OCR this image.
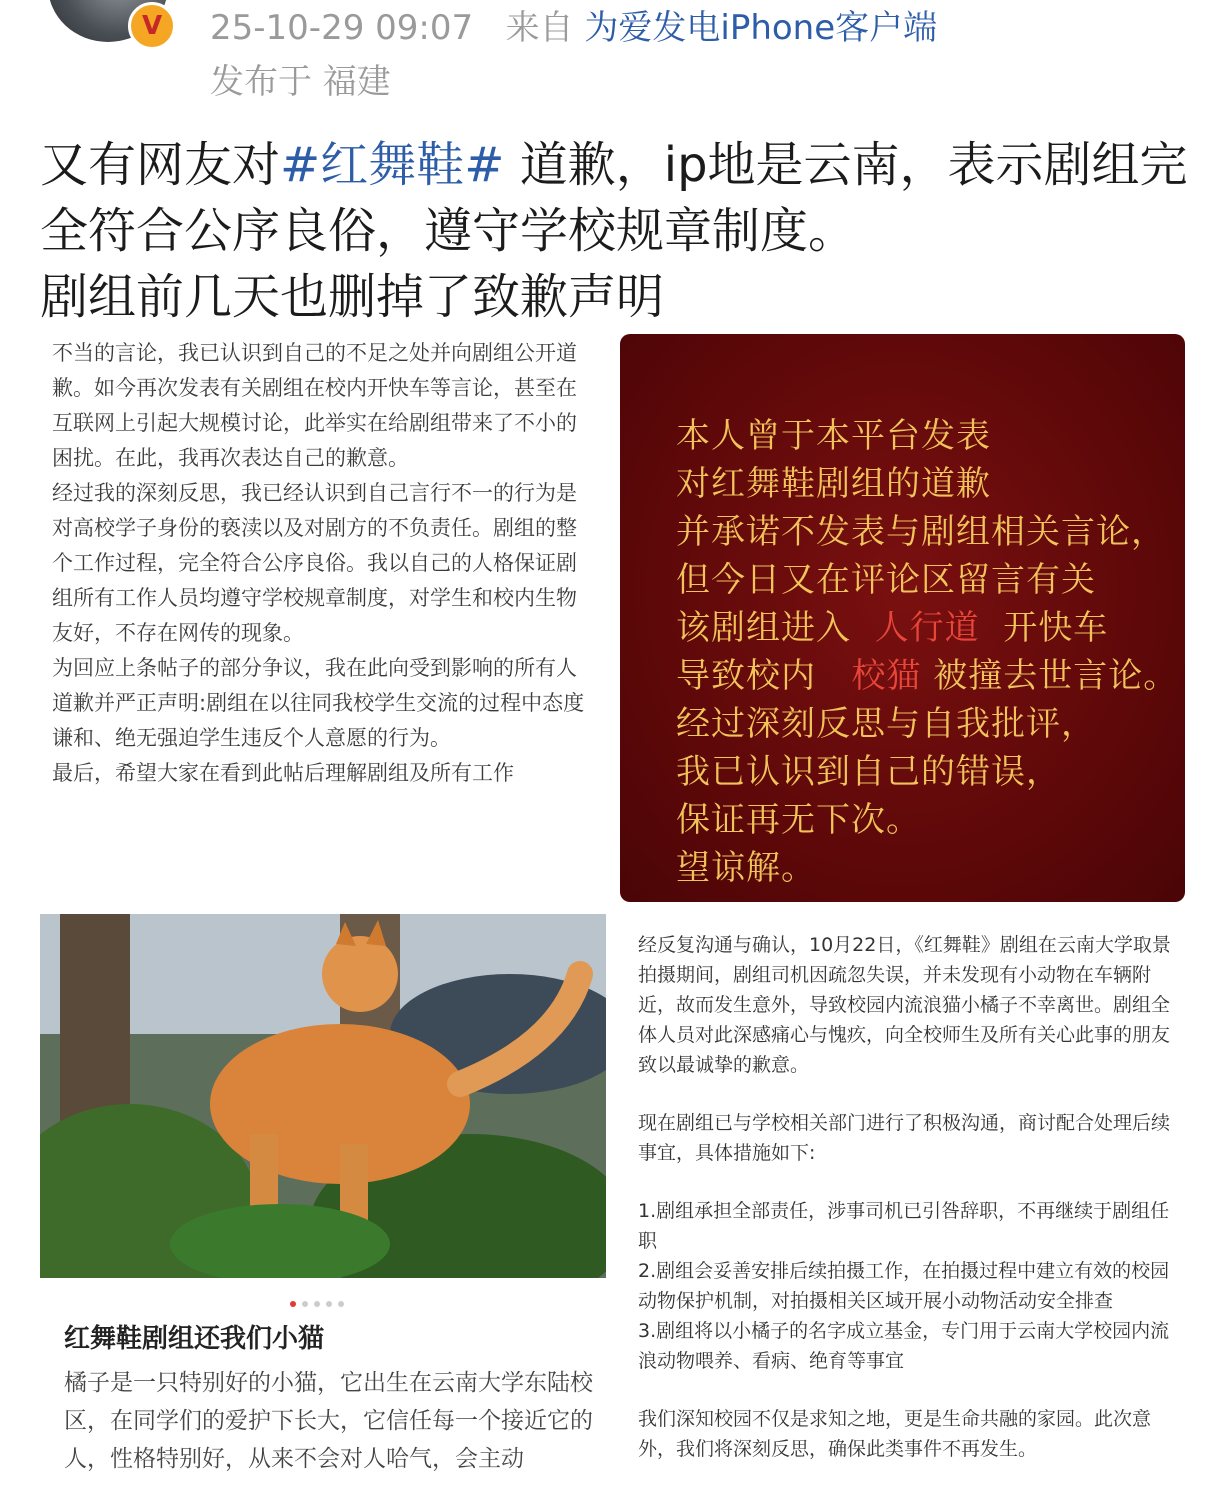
V	25-10-29 09:07 来自 为爱发电iPhone客户端
发布于 福建
又有网友对#红舞鞋# 道歉，ip地是云南，表示剧组完全符合公序良俗，遵守学校规章制度。
剧组前几天也删掉了致歉声明

不当的言论，我已认识到自己的不足之处并向剧组公开道歉。如今再次发表有关剧组在校内开快车等言论，甚至在互联网上引起大规模讨论，此举实在给剧组带来了不小的困扰。在此，我再次表达自己的歉意。

经过我的深刻反思，我已经认识到自己言行不一的行为是对高校学子身份的亵渎以及对剧方的不负责任。剧组的整个工作过程，完全符合公序良俗。我以自己的人格保证剧组所有工作人员均遵守学校规章制度，对学生和校内生物友好，不存在网传的现象。

为回应上条帖子的部分争议，我在此向受到影响的所有人道歉并严正声明:剧组在以往同我校学生交流的过程中态度谦和、绝无强迫学生违反个人意愿的行为。

最后，希望大家在看到此帖后理解剧组及所有工作

本人曾于本平台发表
对红舞鞋剧组的道歉
并承诺不发表与剧组相关言论，
但今日又在评论区留言有关
该剧组进入 人行道 开快车
导致校内 校猫 被撞去世言论。
经过深刻反思与自我批评，
我已认识到自己的错误，
保证再无下次。
望谅解。
红舞鞋剧组还我们小猫
橘子是一只特别好的小猫，它出生在云南大学东陆校区，在同学们的爱护下长大，它信任每一个接近它的人，性格特别好，从来不会对人哈气，会主动

经反复沟通与确认，10月22日，《红舞鞋》剧组在云南大学取景拍摄期间，剧组司机因疏忽失误，并未发现有小动物在车辆附近，故而发生意外，导致校园内流浪猫小橘子不幸离世。剧组全体人员对此深感痛心与愧疚，向全校师生及所有关心此事的朋友致以最诚挚的歉意。

现在剧组已与学校相关部门进行了积极沟通，商讨配合处理后续事宜，具体措施如下:

1.剧组承担全部责任，涉事司机已引咎辞职，不再继续于剧组任职

2.剧组会妥善安排后续拍摄工作，在拍摄过程中建立有效的校园动物保护机制，对拍摄相关区域开展小动物活动安全排查

3.剧组将以小橘子的名字成立基金，专门用于云南大学校园内流浪动物喂养、看病、绝育等事宜

我们深知校园不仅是求知之地，更是生命共融的家园。此次意外，我们将深刻反思，确保此类事件不再发生。
